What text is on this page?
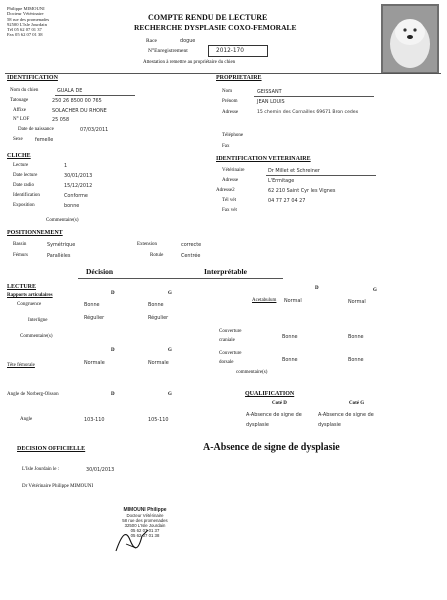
Philippe MIMOUNI
Docteur Vétérinaire
58 rue des promenades
92500 L'Isle Jourdain
Tél 05 62 07 01 37
Fax 05 62 07 01 38
COMPTE RENDU DE LECTURE
RECHERCHE DYSPLASIE COXO-FEMORALE
Race	dogue
N°Enregistrement	2012-170
Attestation à remettre au propriétaire du chien
IDENTIFICATION
Nom du chien	GUALA DE
Tatouage	250 26 8500 00 765
Affixe	SOLACHER DU RHONE
N° LOF	25 058
Date de naissance	07/03/2011
Sexe	femelle
PROPRIETAIRE
Nom	GEISSANT
Prénom	JEAN LOUIS
Adresse	15 chemin des Cornailles 69671 Bron cedex
Téléphone
Fax
CLICHE
Lecture	1
Date lecture	30/01/2013
Date radio	15/12/2012
Identification	Conforme
Exposition	bonne
Commentaire(s)
IDENTIFICATION VETERINAIRE
Vétérinaire	Dr Millet et Schreiner
Adresse	L'Ermitage
Adresse2	62 210 Saint Cyr les Vignes
Tél vét	04 77 27 04 27
Fax vét
POSITIONNEMENT
Bassin	Symétrique
Fémurs	Parallèles
Extension	correcte
Rotule	Centrée
Décision	Interprétable
LECTURE
Rapports articulaires	D	G
Congruence	Bonne	Bonne
Interligne	Régulier	Régulier
Commentaire(s)
D	G
Tête fémorale	Normale	Normale
D	G
Acetabulum Normal	Normal
Couverture
craniale
Bonne	Bonne
Couverture
dorsale	Bonne	Bonne
commentaire(s)
Angle de Norberg-Olsson	D	G
Angle	103-110	105-110
QUALIFICATION
Coté D	Coté G
A-Absence de signe de
dysplasie
A-Absence de signe de
dysplasie
DECISION OFFICIELLE	A-Absence de signe de dysplasie
L'Isle Jourdain le :	30/01/2013
Dr Vétérinaire Philippe MIMOUNI
MIMOUNI Philippe
Docteur Vétérinaire
58 rue des promenades
32500 L'Isle Jourdain
05 62 07 01 37
05 62 07 01 38
